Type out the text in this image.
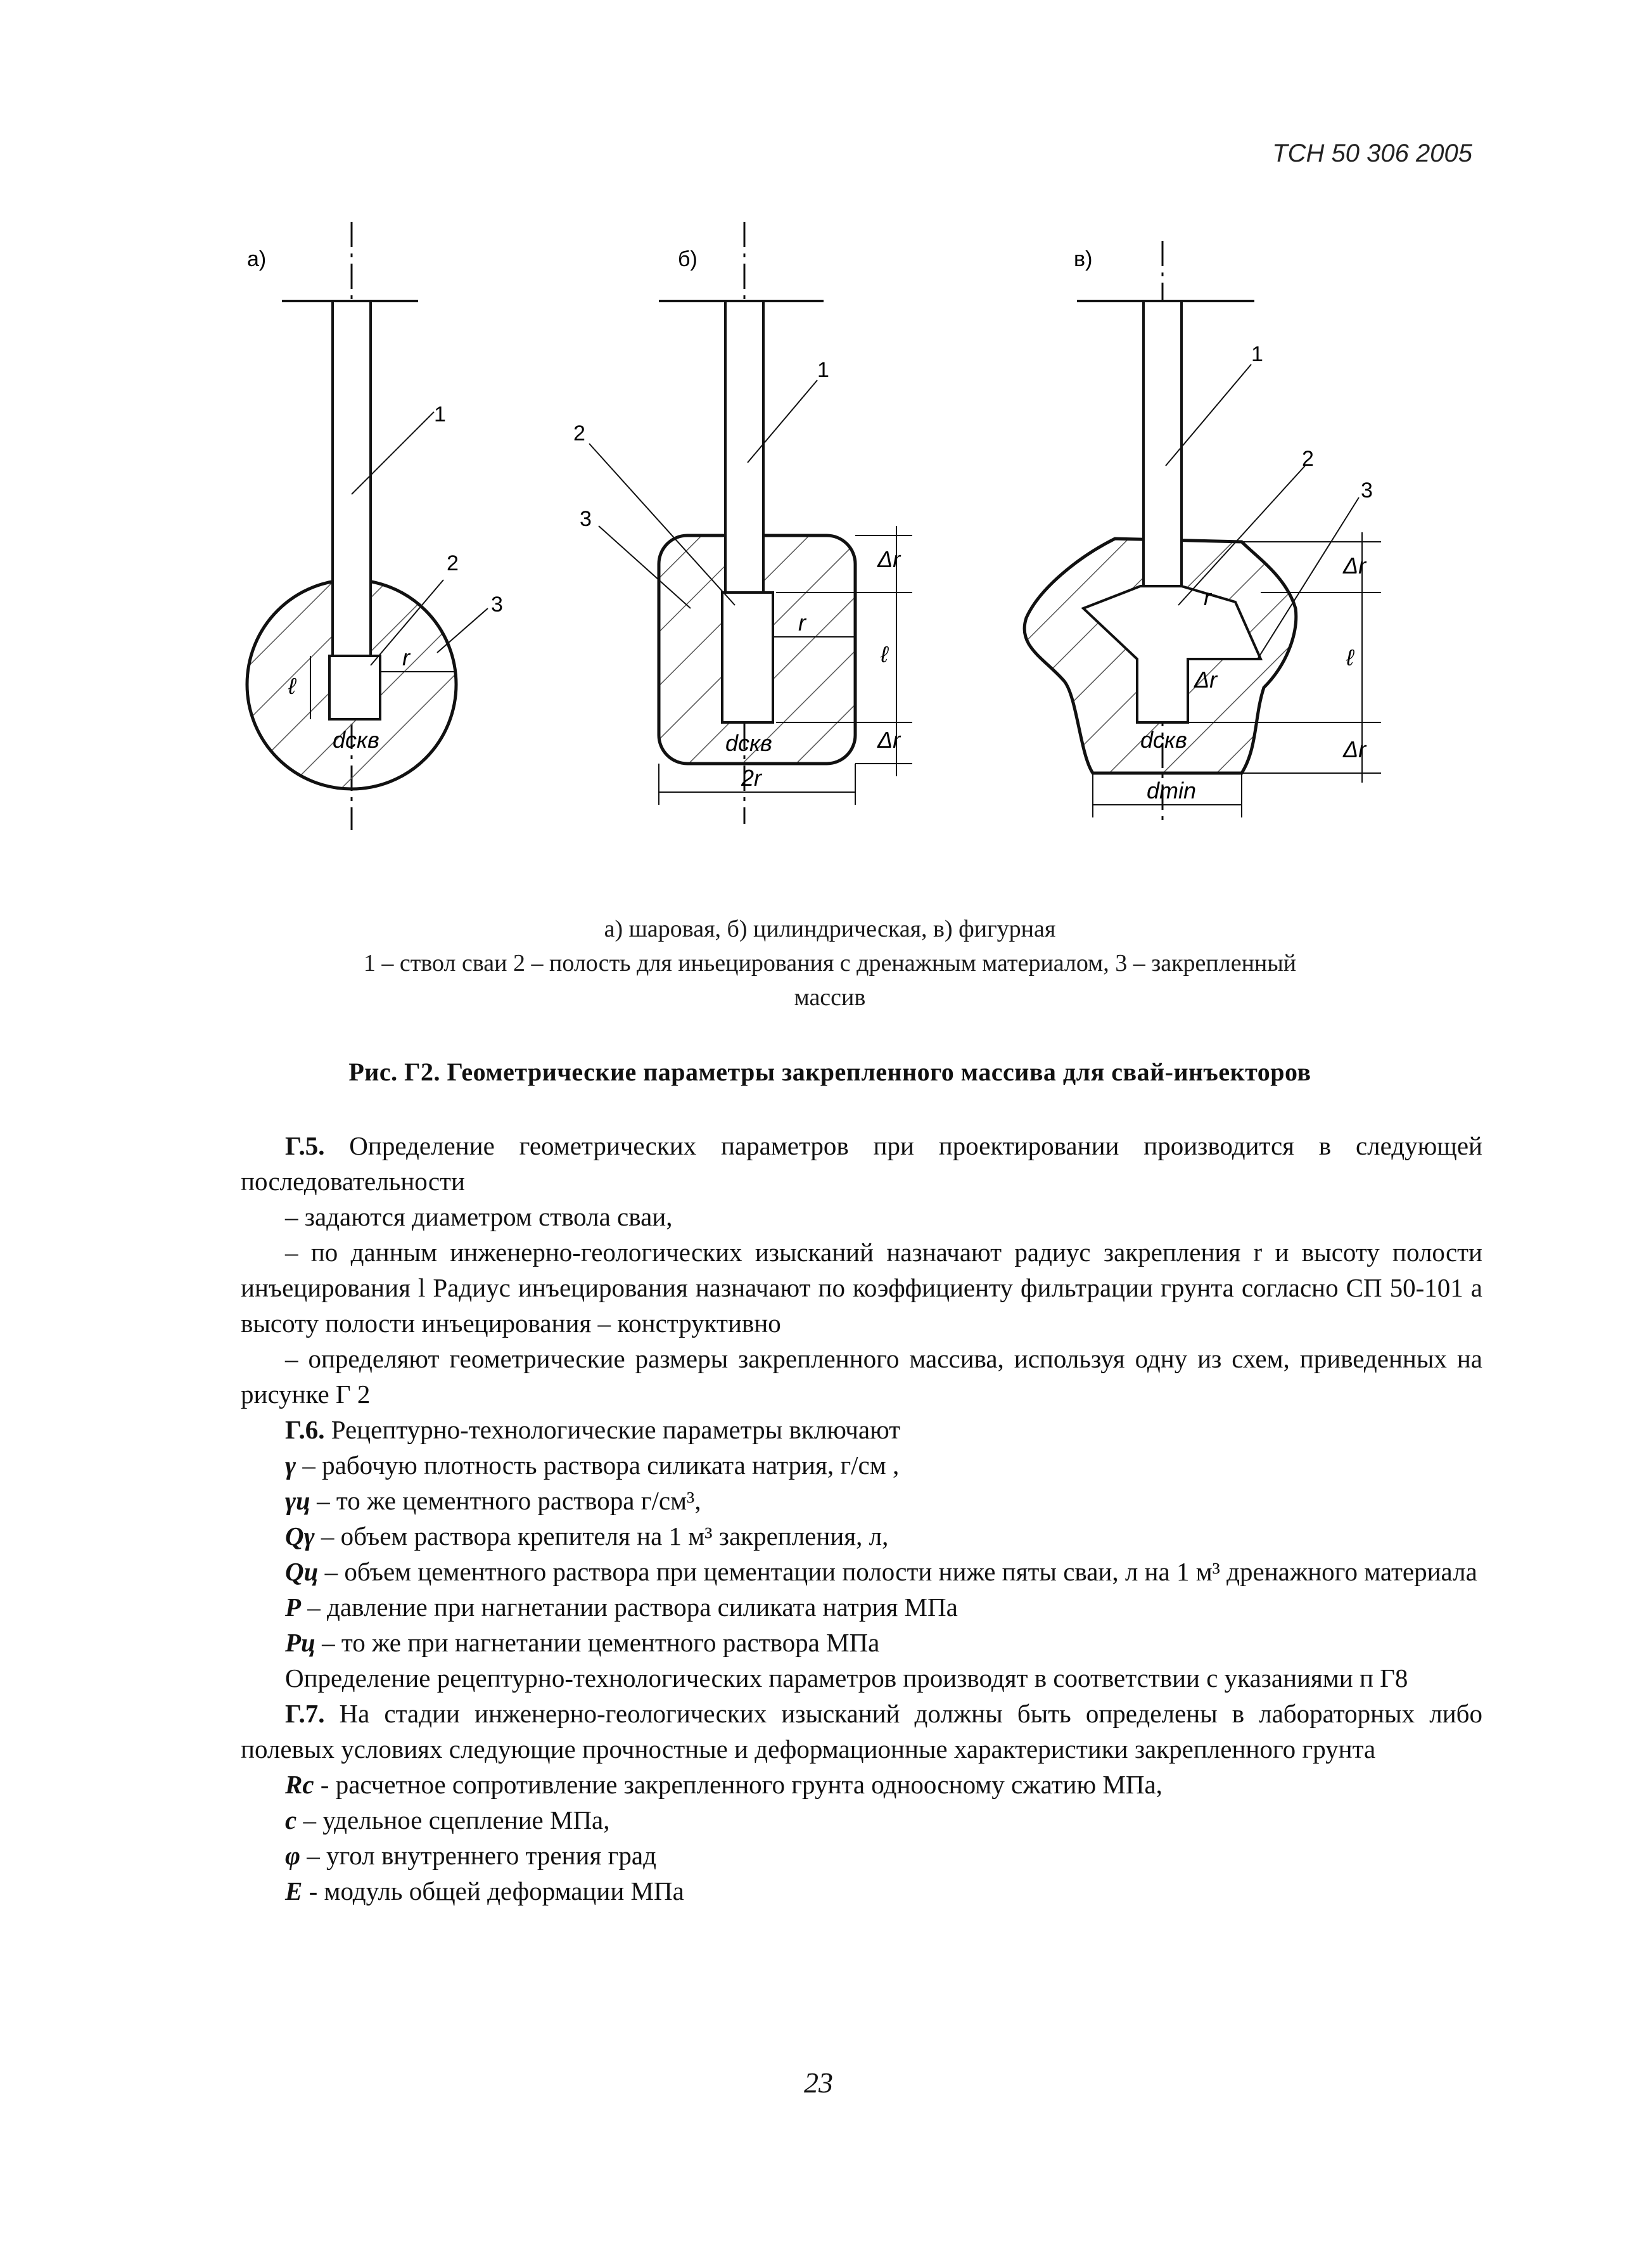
ТСН 50 306 2005
а)
1
2
3
ℓ
r
dскв
б)
1
2
3
Δr
ℓ
Δr
r
dскв
2r
в)
1
2
3
Δr
ℓ
Δr
r
Δr
dскв
dmin
а) шаровая, б) цилиндрическая, в) фигурная
1 – ствол сваи 2 – полость для иньецирования с дренажным материалом, 3 – закрепленный
массив
Рис. Г2. Геометрические параметры закрепленного массива для свай-инъекторов

Г.5. Определение геометрических параметров при проектировании производится в следующей последовательности

– задаются диаметром ствола сваи,

– по данным инженерно-геологических изысканий назначают радиус закрепления r и высоту полости инъецирования l Радиус инъецирования назначают по коэффициенту фильтрации грунта согласно СП 50-101 а высоту полости инъецирования – конструктивно

– определяют геометрические размеры закрепленного массива, используя одну из схем, приведенных на рисунке Г 2

Г.6. Рецептурно-технологические параметры включают

γ – рабочую плотность раствора силиката натрия, г/см ,

γц – то же цементного раствора г/см³,

Qγ – объем раствора крепителя на 1 м³ закрепления, л,

Qц – объем цементного раствора при цементации полости ниже пяты сваи, л на 1 м³ дренажного материала

P – давление при нагнетании раствора силиката натрия МПа

Pц – то же при нагнетании цементного раствора МПа

Определение рецептурно-технологических параметров производят в соответствии с указаниями п Г8

Г.7. На стадии инженерно-геологических изысканий должны быть определены в лабораторных либо полевых условиях следующие прочностные и деформационные характеристики закрепленного грунта

Rс - расчетное сопротивление закрепленного грунта одноосному сжатию МПа,

c – удельное сцепление МПа,

φ – угол внутреннего трения град

E - модуль общей деформации МПа

23
